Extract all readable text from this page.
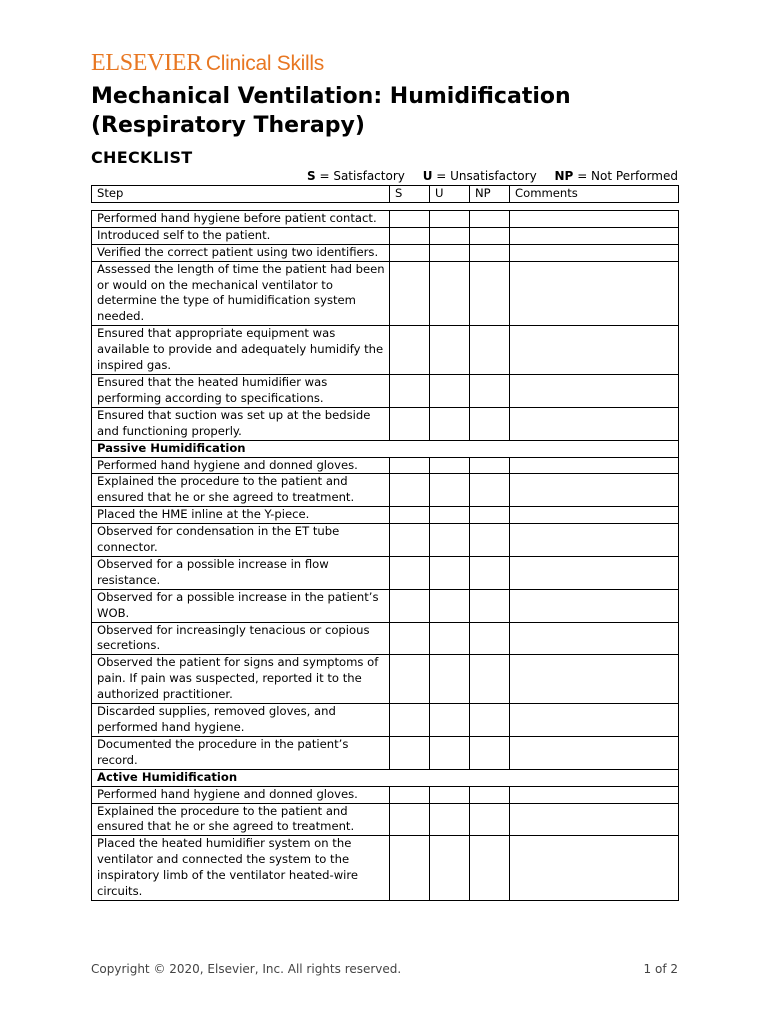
ELSEVIER Clinical Skills
Mechanical Ventilation: Humidification (Respiratory Therapy)
CHECKLIST
S = Satisfactory U = Unsatisfactory NP = Not Performed
Step	S	U	NP	Comments

Performed hand hygiene before patient contact.				
Introduced self to the patient.				
Verified the correct patient using two identifiers.				
Assessed the length of time the patient had been or would on the mechanical ventilator to determine the type of humidification system needed.				
Ensured that appropriate equipment was available to provide and adequately humidify the inspired gas.				
Ensured that the heated humidifier was performing according to specifications.				
Ensured that suction was set up at the bedside and functioning properly.				
Passive Humidification				
Performed hand hygiene and donned gloves.				
Explained the procedure to the patient and ensured that he or she agreed to treatment.				
Placed the HME inline at the Y-piece.				
Observed for condensation in the ET tube connector.				
Observed for a possible increase in flow resistance.				
Observed for a possible increase in the patient’s WOB.				
Observed for increasingly tenacious or copious secretions.				
Observed the patient for signs and symptoms of pain. If pain was suspected, reported it to the authorized practitioner.				
Discarded supplies, removed gloves, and performed hand hygiene.				
Documented the procedure in the patient’s record.				
Active Humidification				
Performed hand hygiene and donned gloves.				
Explained the procedure to the patient and ensured that he or she agreed to treatment.				
Placed the heated humidifier system on the ventilator and connected the system to the inspiratory limb of the ventilator heated-wire circuits.				
Copyright © 2020, Elsevier, Inc. All rights reserved.	1 of 2
